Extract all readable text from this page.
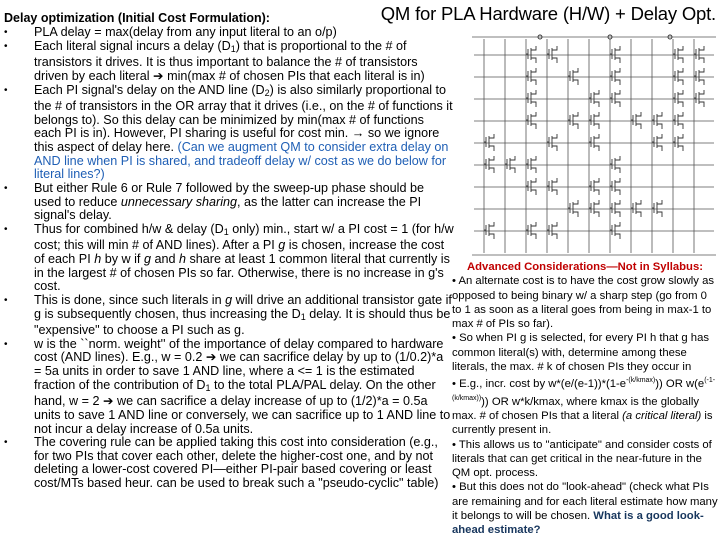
Delay optimization (Initial Cost Formulation):	QM for PLA Hardware (H/W) + Delay Opt.
• PLA delay = max(delay from any input literal to an o/p)
• Each literal signal incurs a delay $(D_1)$ that is proportional to the # of transistors it drives. It is thus important to balance the # of transistors driven by each literal ➔ min(max # of chosen PIs that each literal is in)
• Each PI signal's delay on the AND line $(D_2)$ is also similarly proportional to the # of transistors in the OR array that it drives (i.e., on the # of functions it belongs to). So this delay can be minimized by min(max # of functions each PI is in). However, PI sharing is useful for cost min. → so we ignore this aspect of delay here. (Can we augment QM to consider extra delay on AND line when PI is shared, and tradeoff delay w/ cost as we do below for literal lines?)
• But either Rule 6 or Rule 7 followed by the sweep-up phase should be used to reduce unnecessary sharing, as the latter can increase the PI signal's delay.
• Thus for combined h/w & delay ($D_1$ only) min., start w/ a PI cost = 1 (for h/w cost; this will min # of AND lines). After a PI g is chosen, increase the cost of each PI h by w if g and h share at least 1 common literal that currently is in the largest # of chosen PIs so far. Otherwise, there is no increase in g's cost.
• This is done, since such literals in g will drive an additional transistor gate if g is subsequently chosen, thus increasing the $D_1$ delay. It is should thus be "expensive" to choose a PI such as g.
• w is the ``norm. weight'' of the importance of delay compared to hardware cost (AND lines). E.g., w = 0.2 ➔ we can sacrifice delay by up to (1/0.2)*a = 5a units in order to save 1 AND line, where a <= 1 is the estimated fraction of the contribution of $D_1$ to the total PLA/PAL delay. On the other hand, w = 2 ➔ we can sacrifice a delay increase of up to (1/2)*a = 0.5a units to save 1 AND line or conversely, we can sacrifice up to 1 AND line to not incur a delay increase of 0.5a units.
• The covering rule can be applied taking this cost into consideration (e.g., for two PIs that cover each other, delete the higher-cost one, and by not deleting a lower-cost covered PI—either PI-pair based covering or least cost/MTs based heur. can be used to break such a "pseudo-cyclic" table)
Advanced Considerations—Not in Syllabus:

• An alternate cost is to have the cost grow slowly as opposed to being binary w/ a sharp step (go from 0 to 1 as soon as a literal goes from being in max-1 to max # of PIs so far).

• So when PI g is selected, for every PI h that g has common literal(s) with, determine among these literals, the max. # k of chosen PIs they occur in

• E.g., incr. cost by $w*(e/(e-1))*(1-e^{-(k/kmax)})$) OR $w(e^{(-1-(k/kmax))})$) OR w*k/kmax, where kmax is the globally max. # of chosen PIs that a literal (a critical literal) is currently present in.

• This allows us to "anticipate" and consider costs of literals that can get critical in the near-future in the QM opt. process.

• But this does not do "look-ahead" (check what PIs are remaining and for each literal estimate how many it belongs to will be chosen. What is a good look-ahead estimate?
